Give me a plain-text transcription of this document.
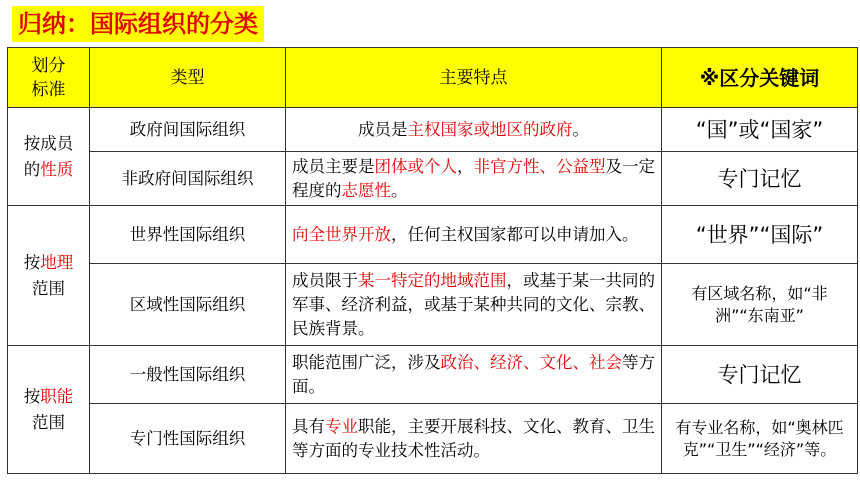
归纳：国际组织的分类
划分标准	类型	主要特点	※区分关键词

按成员的性质	政府间国际组织	成员是主权国家或地区的政府。	“国”或“国家”
	非政府间国际组织	成员主要是团体或个人，非官方性、公益型及一定程度的志愿性。	专门记忆

按地理范围	世界性国际组织	向全世界开放，任何主权国家都可以申请加入。	“世界”“国际”
	区域性国际组织	成员限于某一特定的地域范围，或基于某一共同的军事、经济利益，或基于某种共同的文化、宗教、民族背景。	有区域名称，如“非洲”“东南亚”

按职能范围	一般性国际组织	职能范围广泛，涉及政治、经济、文化、社会等方面。	专门记忆
	专门性国际组织	具有专业职能，主要开展科技、文化、教育、卫生等方面的专业技术性活动。	有专业名称，如“奥林匹克”“卫生”“经济”等。
